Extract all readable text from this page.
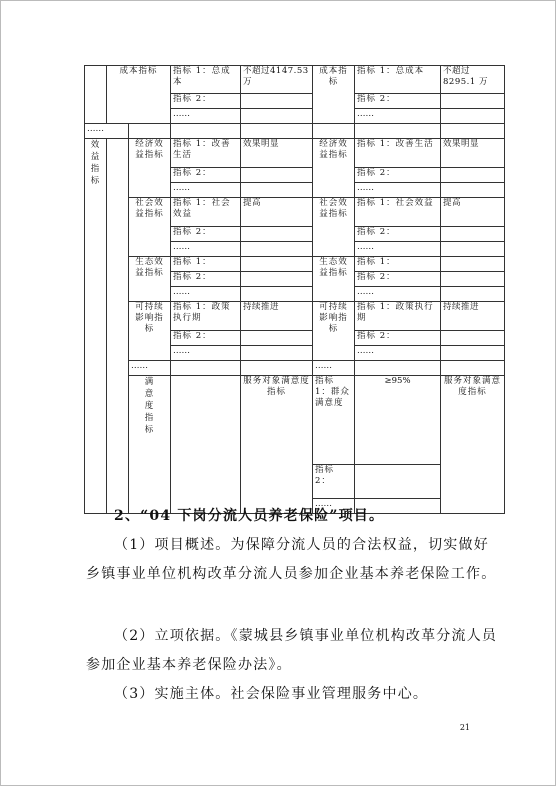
	成本指标		指标 1：总成本	不超过4147.53 万	成本指标	指标 1：总成本	不超过8295.1 万	
			指标 2：			指标 2：		
			……			……		
……								
效益指标		经济效益指标	指标 1：改善生活	效果明显	经济效益指标	指标 1：改善生活	效果明显	
			指标 2：			指标 2：		
			……			……		
		社会效益指标	指标 1：社会效益	提高	社会效益指标	指标 1：社会效益	提高	
			指标 2：			指标 2：		
			……			……		
		生态效益指标	指标 1：		生态效益指标	指标 1：		
			指标 2：			指标 2：		
			……			……		
		可持续影响指标	指标 1：政策执行期	持续推进	可持续影响指标	指标 1：政策执行期	持续推进	
			指标 2：			指标 2：		
			……			……		
		……			……			
		满意度指标		服务对象满意度指标	指标 1：群众满意度	≥95%	服务对象满意度指标		
					指标 2：			
					……			

2、“04 下岗分流人员养老保险”项目。

（1）项目概述。为保障分流人员的合法权益，切实做好乡镇事业单位机构改革分流人员参加企业基本养老保险工作。

（2）立项依据。《蒙城县乡镇事业单位机构改革分流人员参加企业基本养老保险办法》。

（3）实施主体。社会保险事业管理服务中心。

21
